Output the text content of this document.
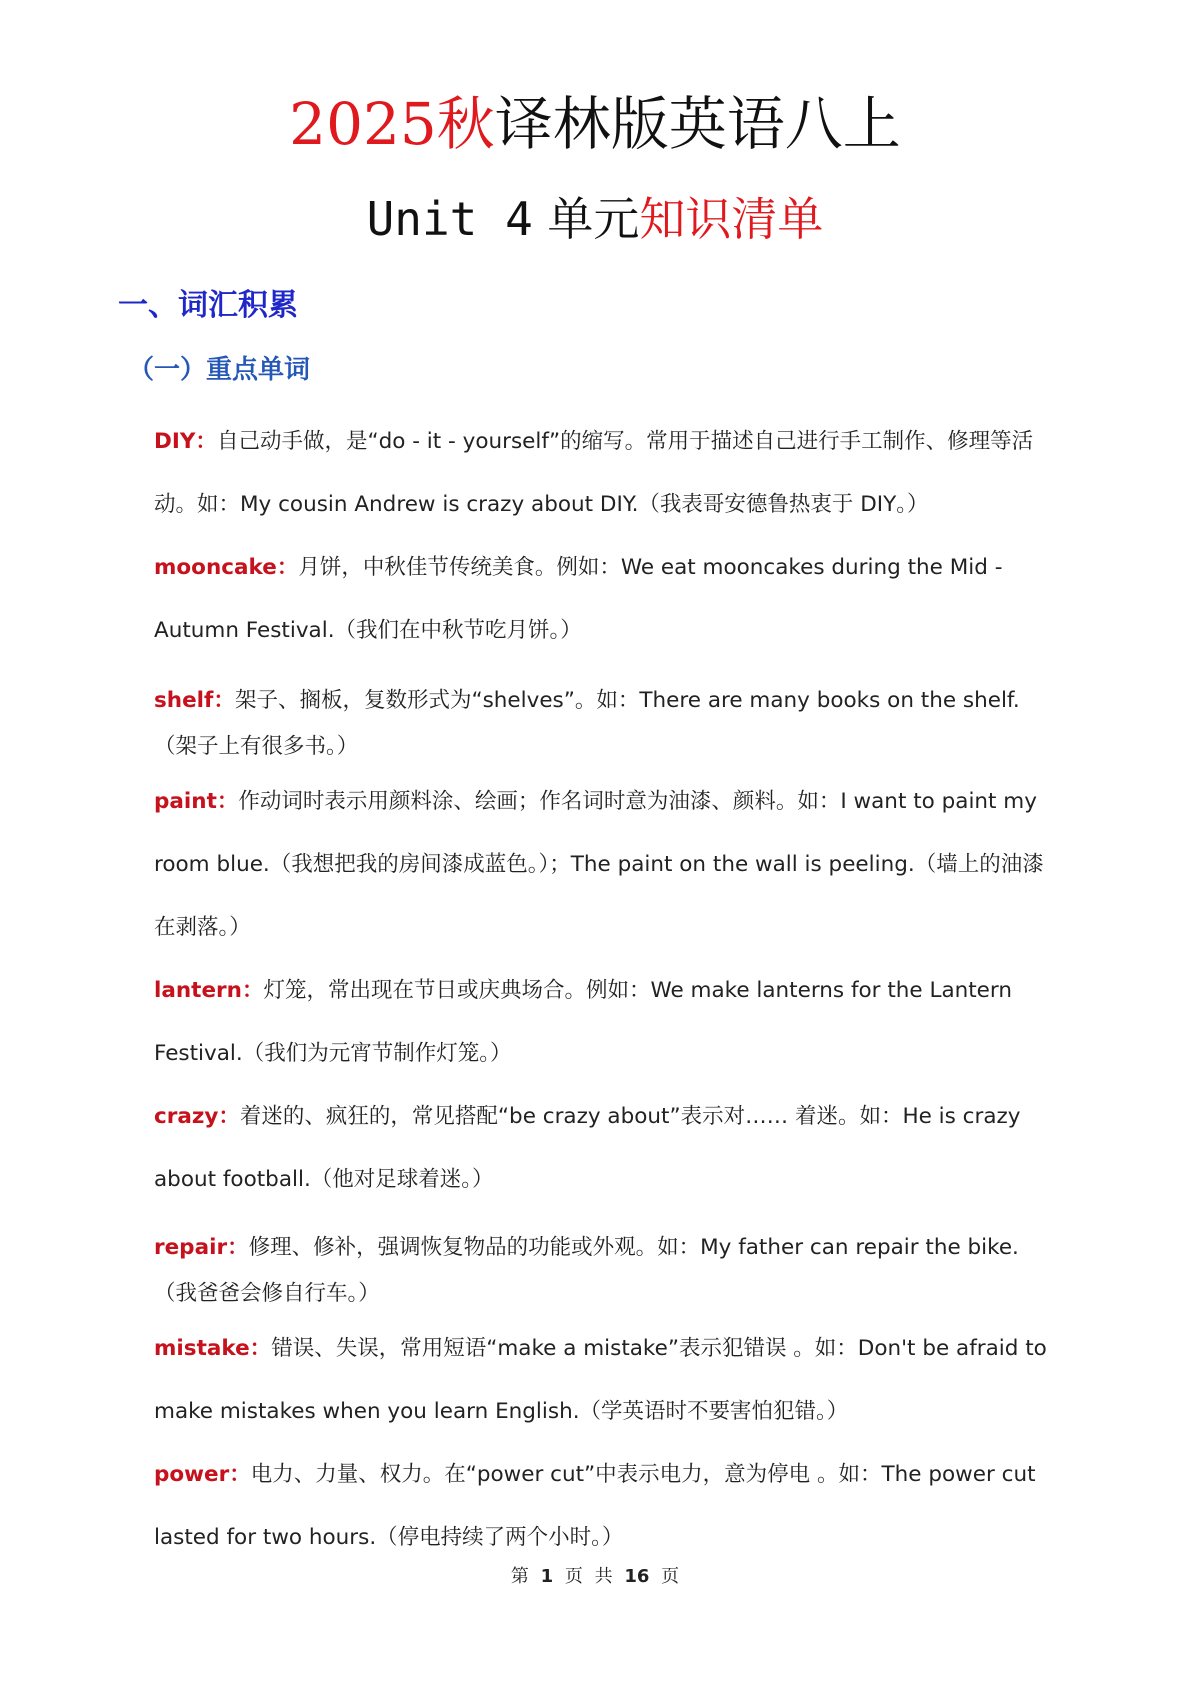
2025秋译林版英语八上
Unit 4 单元知识清单
一、词汇积累
（一）重点单词
DIY ： 自己动手做，是“do - it - yourself”的缩写。常用于描述自己进行手工制作、修理等活动。如：My cousin Andrew is crazy about DIY.（我表哥安德鲁热衷于 DIY。）
mooncake ： 月饼，中秋佳节传统美食。例如：We eat mooncakes during the Mid - Autumn Festival.（我们在中秋节吃月饼。）
shelf ： 架子、搁板，复数形式为“shelves”。如：There are many books on the shelf.（架子上有很多书。）
paint ： 作动词时表示用颜料涂、绘画；作名词时意为油漆、颜料。如：I want to paint my room blue.（我想把我的房间漆成蓝色。）；The paint on the wall is peeling.（墙上的油漆在剥落。）
lantern ： 灯笼，常出现在节日或庆典场合。例如：We make lanterns for the Lantern Festival.（我们为元宵节制作灯笼。）
crazy ： 着迷的、疯狂的，常见搭配“be crazy about”表示对…… 着迷。如：He is crazy about football.（他对足球着迷。）
repair ： 修理、修补，强调恢复物品的功能或外观。如：My father can repair the bike.（我爸爸会修自行车。）
mistake ： 错误、失误，常用短语“make a mistake”表示犯错误 。如：Don't be afraid to make mistakes when you learn English.（学英语时不要害怕犯错。）
power ： 电力、力量、权力。在“power cut”中表示电力，意为停电 。如：The power cut lasted for two hours.（停电持续了两个小时。）
第 1 页 共 16 页
